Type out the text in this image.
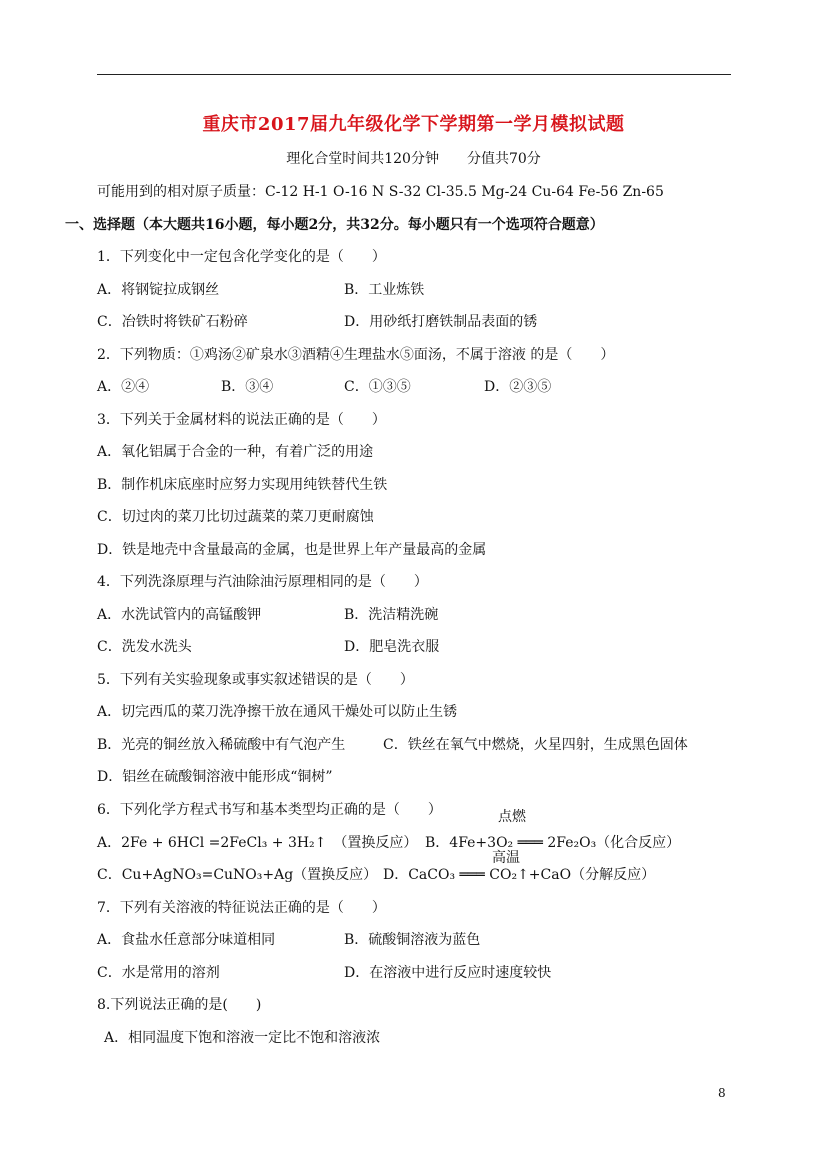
重庆市2017届九年级化学下学期第一学月模拟试题
理化合堂时间共120分钟　　分值共70分
可能用到的相对原子质量：C-12 H-1 O-16 N S-32 Cl-35.5 Mg-24 Cu-64 Fe-56 Zn-65
一、选择题（本大题共16小题，每小题2分，共32分。每小题只有一个选项符合题意）
1．下列变化中一定包含化学变化的是（　　）
A．将钢锭拉成钢丝	B．工业炼铁
C．冶铁时将铁矿石粉碎	D．用砂纸打磨铁制品表面的锈
2．下列物质：①鸡汤②矿泉水③酒精④生理盐水⑤面汤，不属于溶液 的是（　　）
A．②④	B．③④	C．①③⑤	D．②③⑤
3．下列关于金属材料的说法正确的是（　　）
A．氧化铝属于合金的一种，有着广泛的用途
B．制作机床底座时应努力实现用纯铁替代生铁
C．切过肉的菜刀比切过蔬菜的菜刀更耐腐蚀
D．铁是地壳中含量最高的金属，也是世界上年产量最高的金属
4．下列洗涤原理与汽油除油污原理相同的是（　　）
A．水洗试管内的高锰酸钾	B．洗洁精洗碗
C．洗发水洗头	D．肥皂洗衣服
5．下列有关实验现象或事实叙述错误的是（　　）
A．切完西瓜的菜刀洗净擦干放在通风干燥处可以防止生锈
B．光亮的铜丝放入稀硫酸中有气泡产生	C．铁丝在氧气中燃烧，火星四射，生成黑色固体
D．铝丝在硫酸铜溶液中能形成“铜树”
6．下列化学方程式书写和基本类型均正确的是（　　）	点燃
A．2Fe + 6HCl =2FeCl₃ + 3H₂↑　（置换反应） B．4Fe+3O₂ ═══ 2Fe₂O₃（化合反应）
高温
C．Cu+AgNO₃=CuNO₃+Ag（置换反应） D．CaCO₃ ═══ CO₂↑+CaO（分解反应）
7．下列有关溶液的特征说法正确的是（　　）
A．食盐水任意部分味道相同	B．硫酸铜溶液为蓝色
C．水是常用的溶剂	D．在溶液中进行反应时速度较快
8.下列说法正确的是(　　)
A．相同温度下饱和溶液一定比不饱和溶液浓
8
